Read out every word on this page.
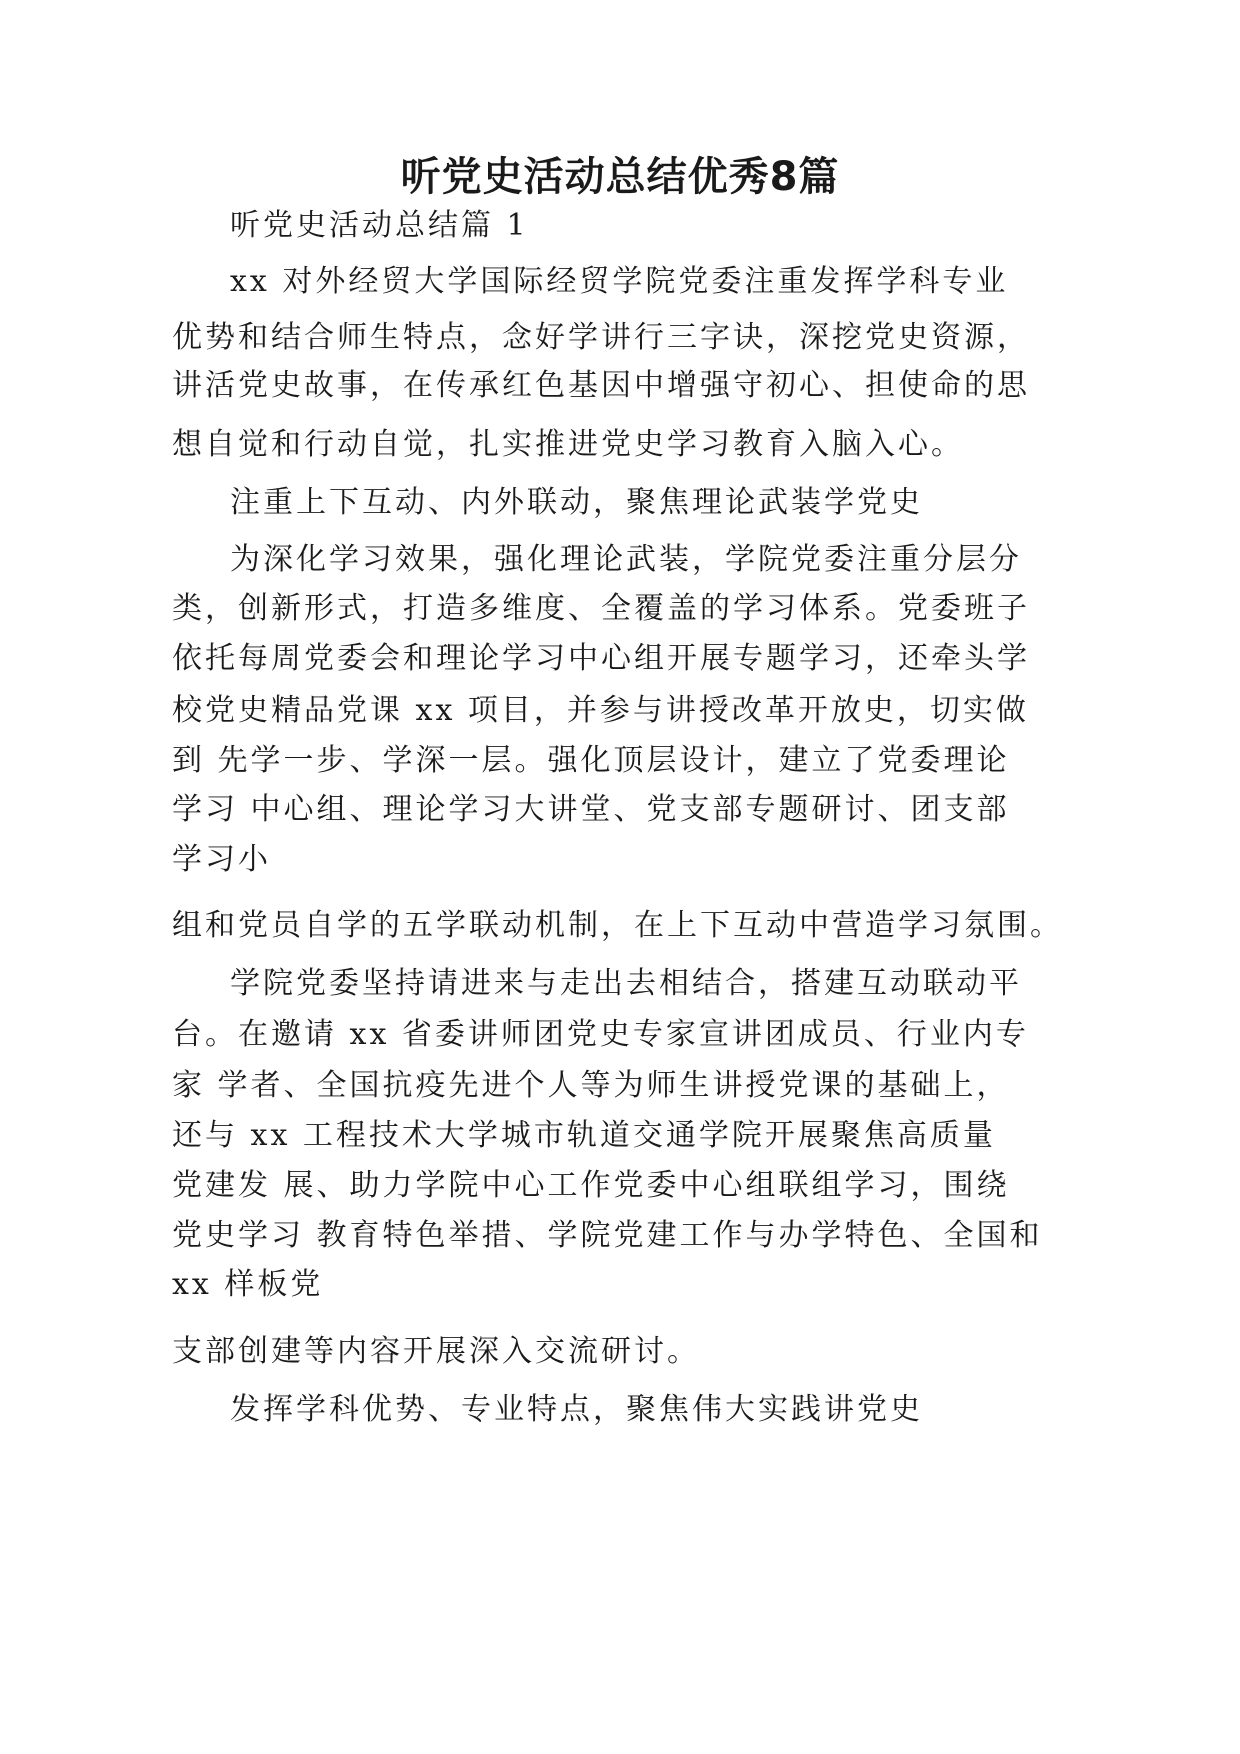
听党史活动总结优秀8篇
听党史活动总结篇 1
xx 对外经贸大学国际经贸学院党委注重发挥学科专业
优势和结合师生特点，念好学讲行三字诀，深挖党史资源，
讲活党史故事，在传承红色基因中增强守初心、担使命的思
想自觉和行动自觉，扎实推进党史学习教育入脑入心。
注重上下互动、内外联动，聚焦理论武装学党史
为深化学习效果，强化理论武装，学院党委注重分层分
类，创新形式，打造多维度、全覆盖的学习体系。党委班子
依托每周党委会和理论学习中心组开展专题学习，还牵头学
校党史精品党课 xx 项目，并参与讲授改革开放史，切实做
到 先学一步、学深一层。强化顶层设计，建立了党委理论
学习 中心组、理论学习大讲堂、党支部专题研讨、团支部
学习小
组和党员自学的五学联动机制，在上下互动中营造学习氛围。
学院党委坚持请进来与走出去相结合，搭建互动联动平
台。在邀请 xx 省委讲师团党史专家宣讲团成员、行业内专
家 学者、全国抗疫先进个人等为师生讲授党课的基础上，
还与 xx 工程技术大学城市轨道交通学院开展聚焦高质量
党建发 展、助力学院中心工作党委中心组联组学习，围绕
党史学习 教育特色举措、学院党建工作与办学特色、全国和
xx 样板党
支部创建等内容开展深入交流研讨。
发挥学科优势、专业特点，聚焦伟大实践讲党史
